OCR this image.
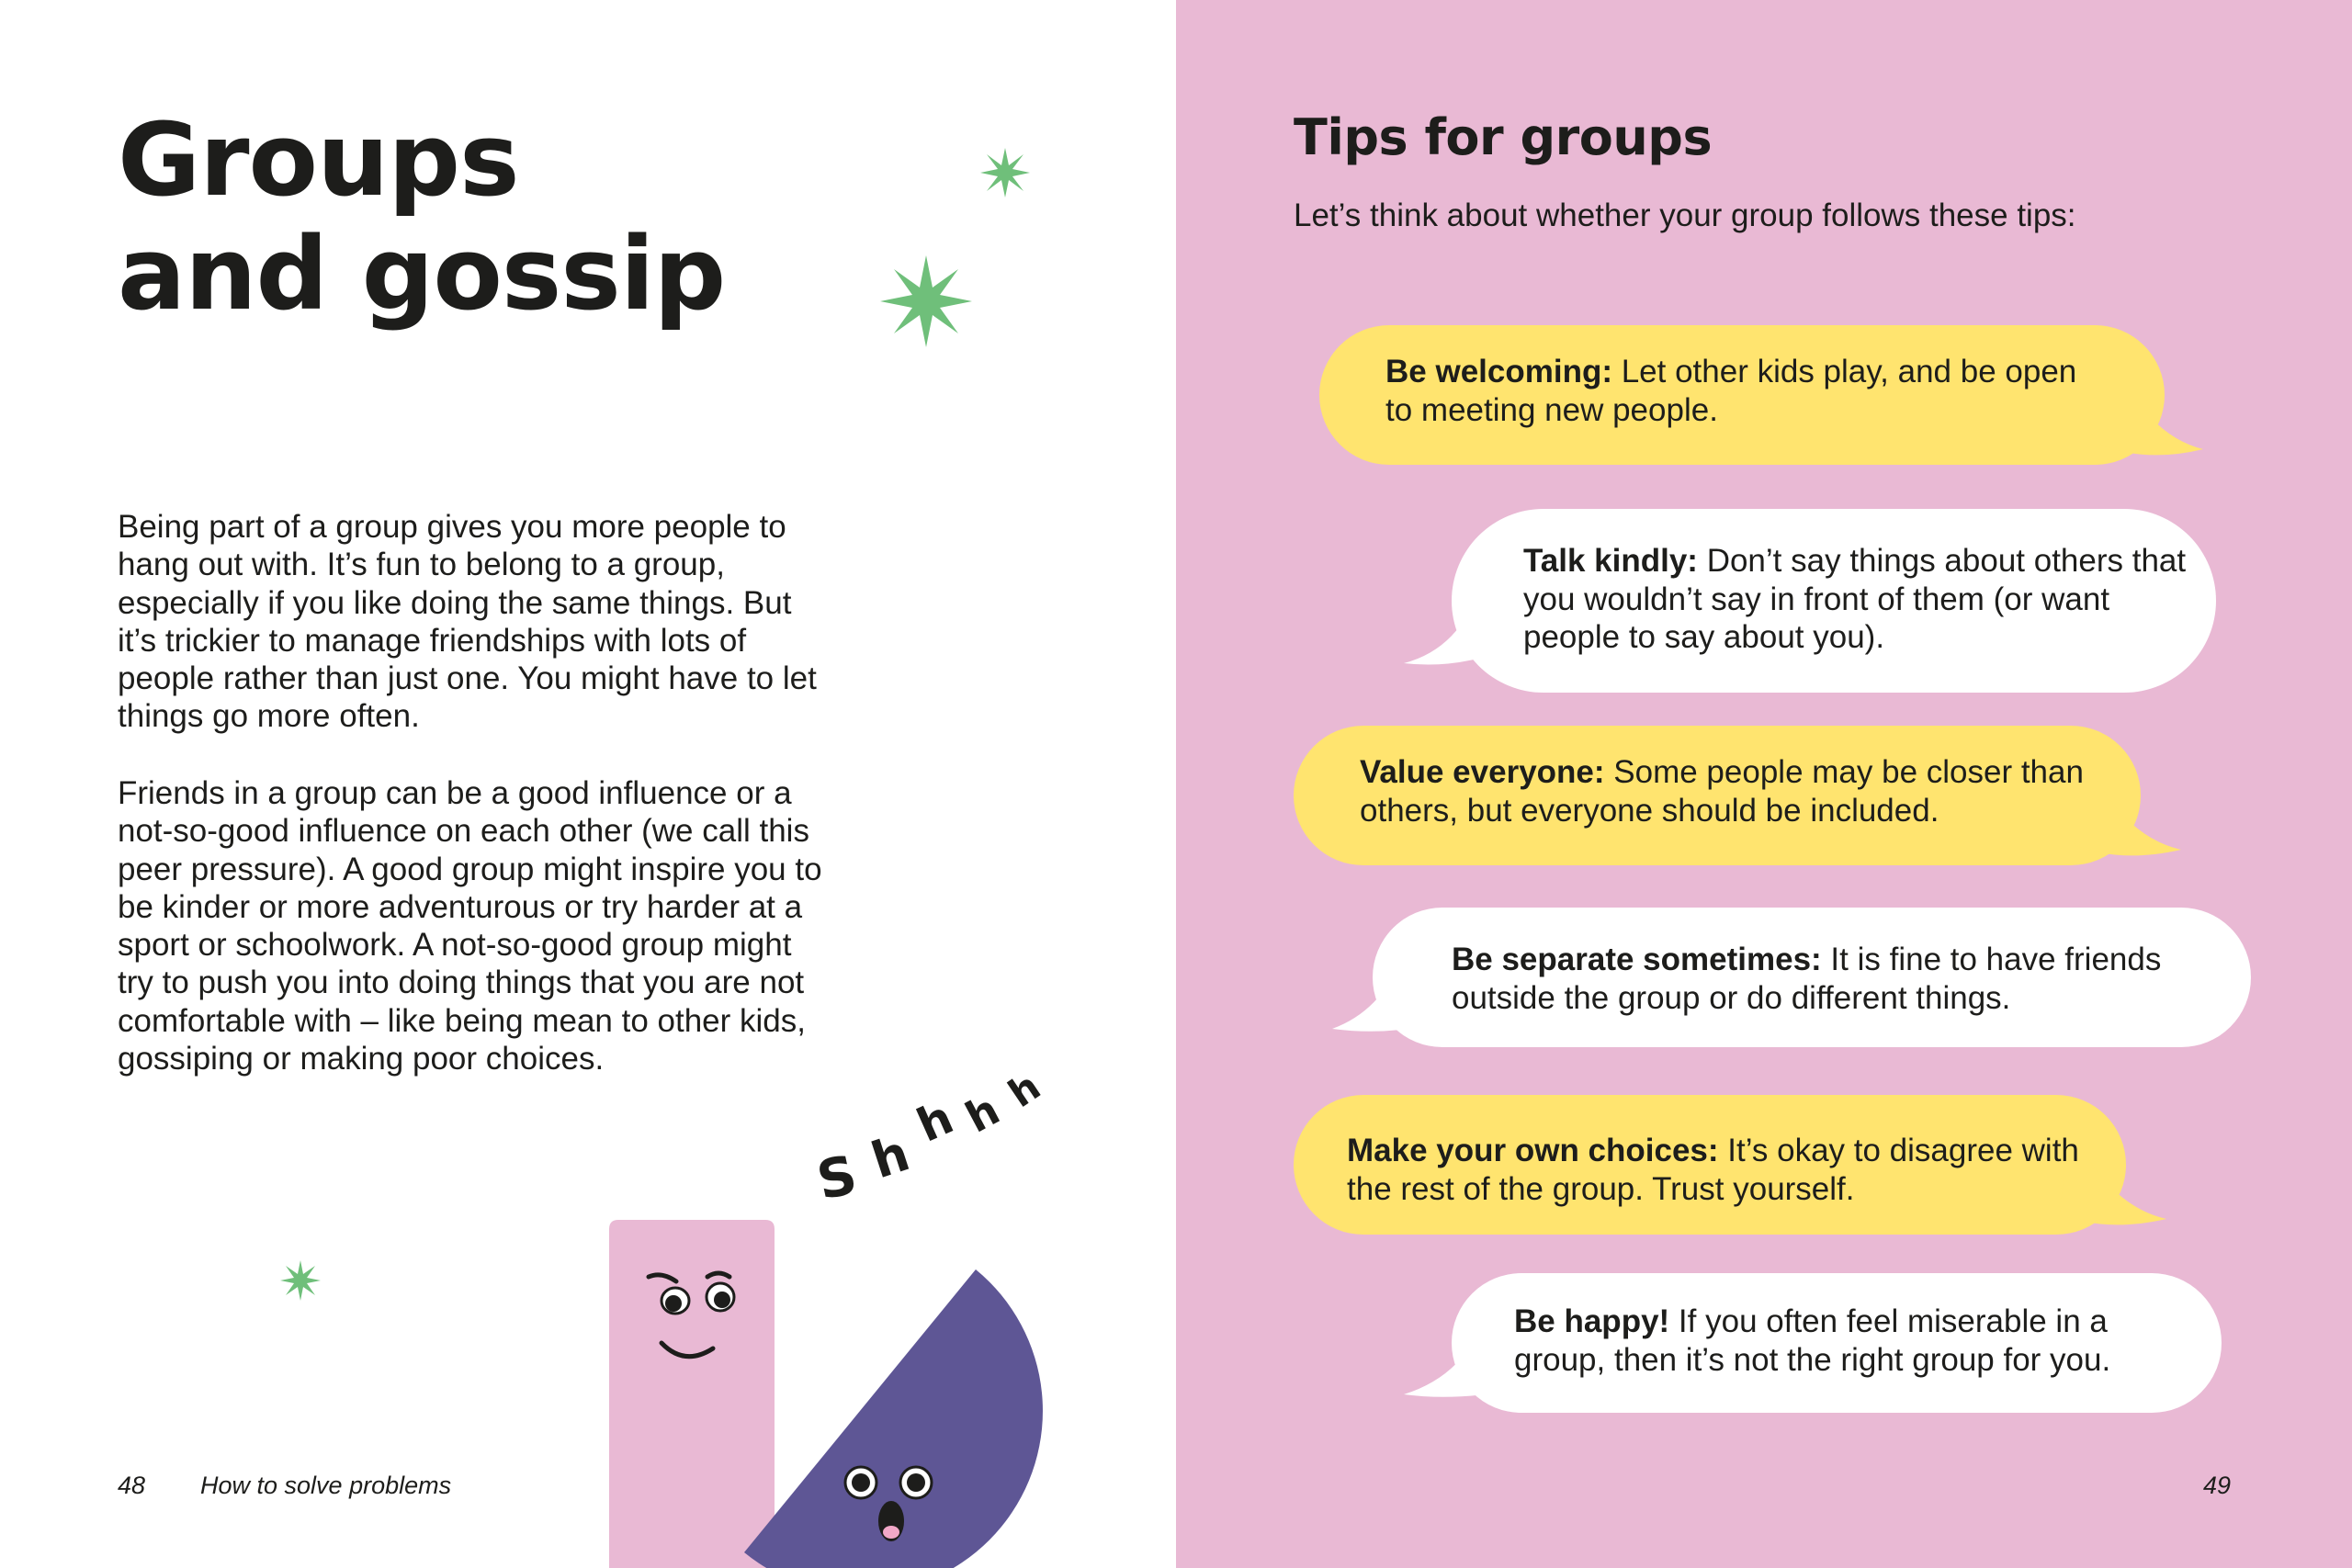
Groups
and gossip

Being part of a group gives you more people to hang out with. It’s fun to belong to a group, especially if you like doing the same things. But it’s trickier to manage friendships with lots of people rather than just one. You might have to let things go more often.

Friends in a group can be a good influence or a not-so-good influence on each other (we call this peer pressure). A good group might inspire you to be kinder or more adventurous or try harder at a sport or schoolwork. A not-so-good group might try to push you into doing things that you are not comfortable with – like being mean to other kids, gossiping or making poor choices.

S h
h
h
h

48 How to solve problems

Tips for groups

Let’s think about whether your group follows these tips:

Be welcoming: Let other kids play, and be open to meeting new people.

Talk kindly: Don’t say things about others that you wouldn’t say in front of them (or want people to say about you).

Value everyone: Some people may be closer than others, but everyone should be included.

Be separate sometimes: It is fine to have friends outside the group or do different things.

Make your own choices: It’s okay to disagree with the rest of the group. Trust yourself.

Be happy! If you often feel miserable in a group, then it’s not the right group for you.

49
